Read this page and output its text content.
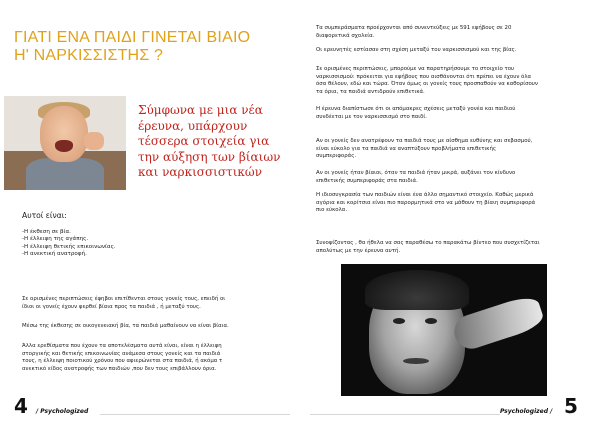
ΓΙΑΤΙ ΕΝΑ ΠΑΙΔΙ ΓΙΝΕΤΑΙ ΒΙΑΙΟ
Η' ΝΑΡΚΙΣΣΙΣΤΗΣ ?
Σύμφωνα με μια νέα
έρευνα, υπάρχουν
τέσσερα στοιχεία για
την αύξηση των βίαιων
και ναρκισσιστικών
Αυτοί είναι:
-Η έκθεση σε βία.
-Η έλλειψη της αγάπης.
-Η έλλειψη θετικής επικοινωνίας.
-Η ανεκτική ανατροφή.
Σε ορισμένες περιπτώσεις έφηβοι επιτίθενται στους γονείς τους, επειδή οι
ίδιοι οι γονείς έχουν φερθεί βίαια προς τα παιδιά , ή μεταξύ τους.
Μέσω της έκθεσης σε οικογενειακή βία, τα παιδιά μαθαίνουν να είναι βίαια.
Άλλα ερεθίσματα που έχουν τα αποτελέσματα αυτά είναι, είναι η έλλειψη
στοργικής και θετικής επικοινωνίας ανάμεσα στους γονείς και τα παιδιά
τους, η έλλειψη ποιοτικού χρόνου που αφιερώνεται στα παιδιά, ή ακόμα τ
ανεκτικό είδος ανατροφής των παιδιών ,που δεν τους επιβάλλουν όρια.
4 / Psychologized
Τα συμπεράσματα προέρχονται από συνεντεύξεις με 591 εφήβους σε 20
διαφορετικά σχολεία.
Οι ερευνητές εστίασαν στη σχέση μεταξύ του ναρκισσισμού και της βίας.
Σε ορισμένες περιπτώσεις, μπορούμε να παρατηρήσουμε το στοιχείο του
ναρκισσισμού: πρόκειται για εφήβους που αισθάνονται ότι πρέπει να έχουν όλα
όσα θέλουν, εδώ και τώρα. Όταν όμως οι γονείς τους προσπαθούν να καθορίσουν
τα όρια, τα παιδιά αντιδρούν επιθετικά.
Η έρευνα διαπίστωσε ότι οι απόμακρες σχέσεις μεταξύ γονέα και παιδιού
συνδέεται με τον ναρκισσισμό στο παιδί.
Αν οι γονείς δεν ανατρέφουν τα παιδιά τους με αίσθημα ευθύνης και σεβασμού,
είναι εύκολο για τα παιδιά να αναπτύξουν προβλήματα επιθετικής
συμπεριφοράς.
Αν οι γονείς ήταν βίαιοι, όταν τα παιδιά ήταν μικρά, αυξάνει τον κίνδυνο
επιθετικής συμπεριφοράς στα παιδιά.
Η ιδιοσυγκρασία των παιδιών είναι ένα άλλο σημαντικό στοιχείο. Καθώς μερικά
αγόρια και κορίτσια είναι πιο παρορμητικά στο να μάθουν τη βίαιη συμπεριφορά
πιο εύκολα.
Συνοψίζοντας , θα ήθελα να σας παραθέσω το παρακάτω βίντεο που συσχετίζεται
απολύτως με την έρευνα αυτή.
Psychologized / 5
